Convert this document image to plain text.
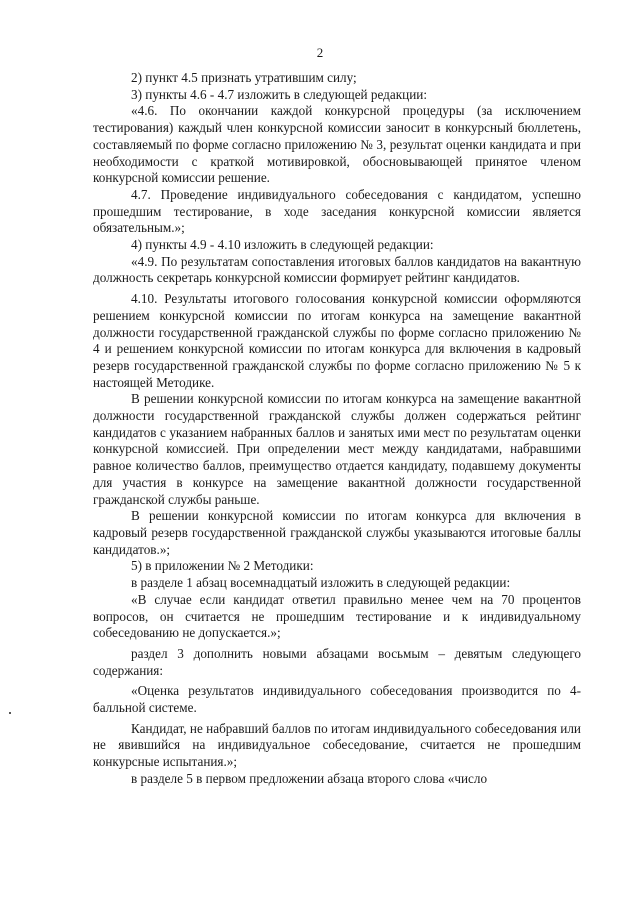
2

2) пункт 4.5 признать утратившим силу;

3) пункты 4.6 - 4.7 изложить в следующей редакции:

«4.6. По окончании каждой конкурсной процедуры (за исключением тестирования) каждый член конкурсной комиссии заносит в конкурсный бюллетень, составляемый по форме согласно приложению № 3, результат оценки кандидата и при необходимости с краткой мотивировкой, обосновывающей принятое членом конкурсной комиссии решение.

4.7. Проведение индивидуального собеседования с кандидатом, успешно прошедшим тестирование, в ходе заседания конкурсной комиссии является обязательным.»;

4) пункты 4.9 - 4.10 изложить в следующей редакции:

«4.9. По результатам сопоставления итоговых баллов кандидатов на вакантную должность секретарь конкурсной комиссии формирует рейтинг кандидатов.

4.10. Результаты итогового голосования конкурсной комиссии оформляются решением конкурсной комиссии по итогам конкурса на замещение вакантной должности государственной гражданской службы по форме согласно приложению № 4 и решением конкурсной комиссии по итогам конкурса для включения в кадровый резерв государственной гражданской службы по форме согласно приложению № 5 к настоящей Методике.

В решении конкурсной комиссии по итогам конкурса на замещение вакантной должности государственной гражданской службы должен содержаться рейтинг кандидатов с указанием набранных баллов и занятых ими мест по результатам оценки конкурсной комиссией. При определении мест между кандидатами, набравшими равное количество баллов, преимущество отдается кандидату, подавшему документы для участия в конкурсе на замещение вакантной должности государственной гражданской службы раньше.

В решении конкурсной комиссии по итогам конкурса для включения в кадровый резерв государственной гражданской службы указываются итоговые баллы кандидатов.»;

5) в приложении № 2 Методики:

в разделе 1 абзац восемнадцатый изложить в следующей редакции:

«В случае если кандидат ответил правильно менее чем на 70 процентов вопросов, он считается не прошедшим тестирование и к индивидуальному собеседованию не допускается.»;

раздел 3 дополнить новыми абзацами восьмым – девятым следующего содержания:

«Оценка результатов индивидуального собеседования производится по 4-балльной системе.

Кандидат, не набравший баллов по итогам индивидуального собеседования или не явившийся на индивидуальное собеседование, считается не прошедшим конкурсные испытания.»;

в разделе 5 в первом предложении абзаца второго слова «число
